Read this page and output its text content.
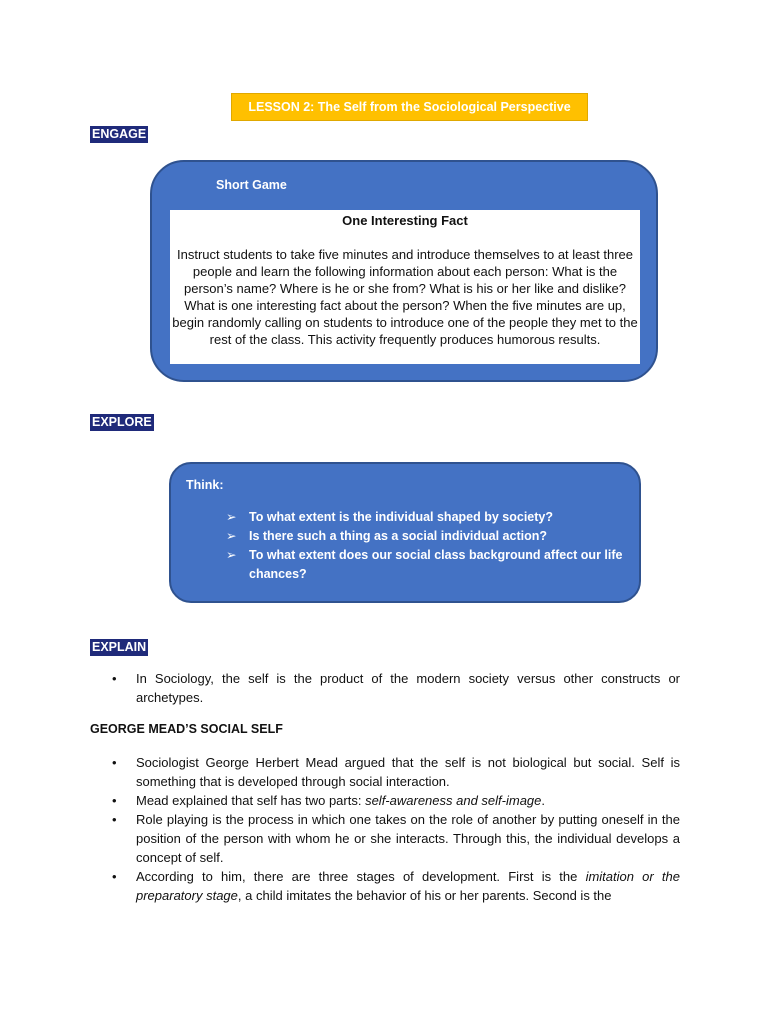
LESSON 2: The Self from the Sociological Perspective
ENGAGE
Short Game
One Interesting Fact
Instruct students to take five minutes and introduce themselves to at least three people and learn the following information about each person: What is the person’s name? Where is he or she from? What is his or her like and dislike? What is one interesting fact about the person? When the five minutes are up, begin randomly calling on students to introduce one of the people they met to the rest of the class. This activity frequently produces humorous results.
EXPLORE
Think:
➢ To what extent is the individual shaped by society?
➢ Is there such a thing as a social individual action?
➢ To what extent does our social class background affect our life chances?
EXPLAIN
• In Sociology, the self is the product of the modern society versus other constructs or archetypes.
GEORGE MEAD’S SOCIAL SELF
• Sociologist George Herbert Mead argued that the self is not biological but social. Self is something that is developed through social interaction.
• Mead explained that self has two parts: self-awareness and self-image.
• Role playing is the process in which one takes on the role of another by putting oneself in the position of the person with whom he or she interacts. Through this, the individual develops a concept of self.
• According to him, there are three stages of development. First is the imitation or the preparatory stage, a child imitates the behavior of his or her parents. Second is the
